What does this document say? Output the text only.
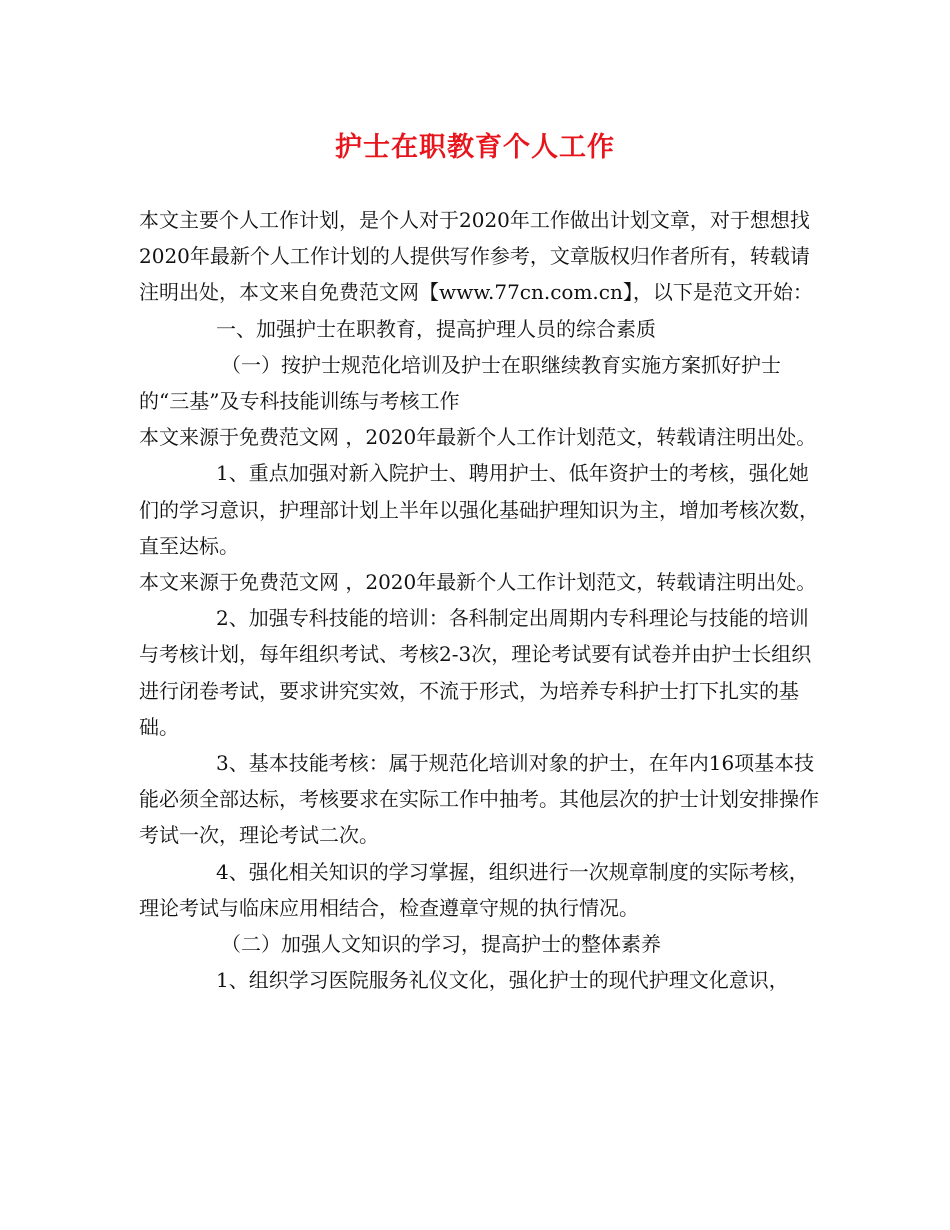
护士在职教育个人工作

本文主要个人工作计划，是个人对于2020年工作做出计划文章，对于想想找2020年最新个人工作计划的人提供写作参考，文章版权归作者所有，转载请注明出处，本文来自免费范文网【www.77cn.com.cn】，以下是范文开始：

一、加强护士在职教育，提高护理人员的综合素质

（一）按护士规范化培训及护士在职继续教育实施方案抓好护士的“三基”及专科技能训练与考核工作

本文来源于免费范文网 ，2020年最新个人工作计划范文，转载请注明出处。

1、重点加强对新入院护士、聘用护士、低年资护士的考核，强化她们的学习意识，护理部计划上半年以强化基础护理知识为主，增加考核次数，直至达标。

本文来源于免费范文网 ，2020年最新个人工作计划范文，转载请注明出处。

2、加强专科技能的培训：各科制定出周期内专科理论与技能的培训与考核计划，每年组织考试、考核2-3次，理论考试要有试卷并由护士长组织进行闭卷考试，要求讲究实效，不流于形式，为培养专科护士打下扎实的基础。

3、基本技能考核：属于规范化培训对象的护士，在年内16项基本技能必须全部达标，考核要求在实际工作中抽考。其他层次的护士计划安排操作考试一次，理论考试二次。

4、强化相关知识的学习掌握，组织进行一次规章制度的实际考核，理论考试与临床应用相结合，检查遵章守规的执行情况。

（二）加强人文知识的学习，提高护士的整体素养

1、组织学习医院服务礼仪文化，强化护士的现代护理文化意识，
